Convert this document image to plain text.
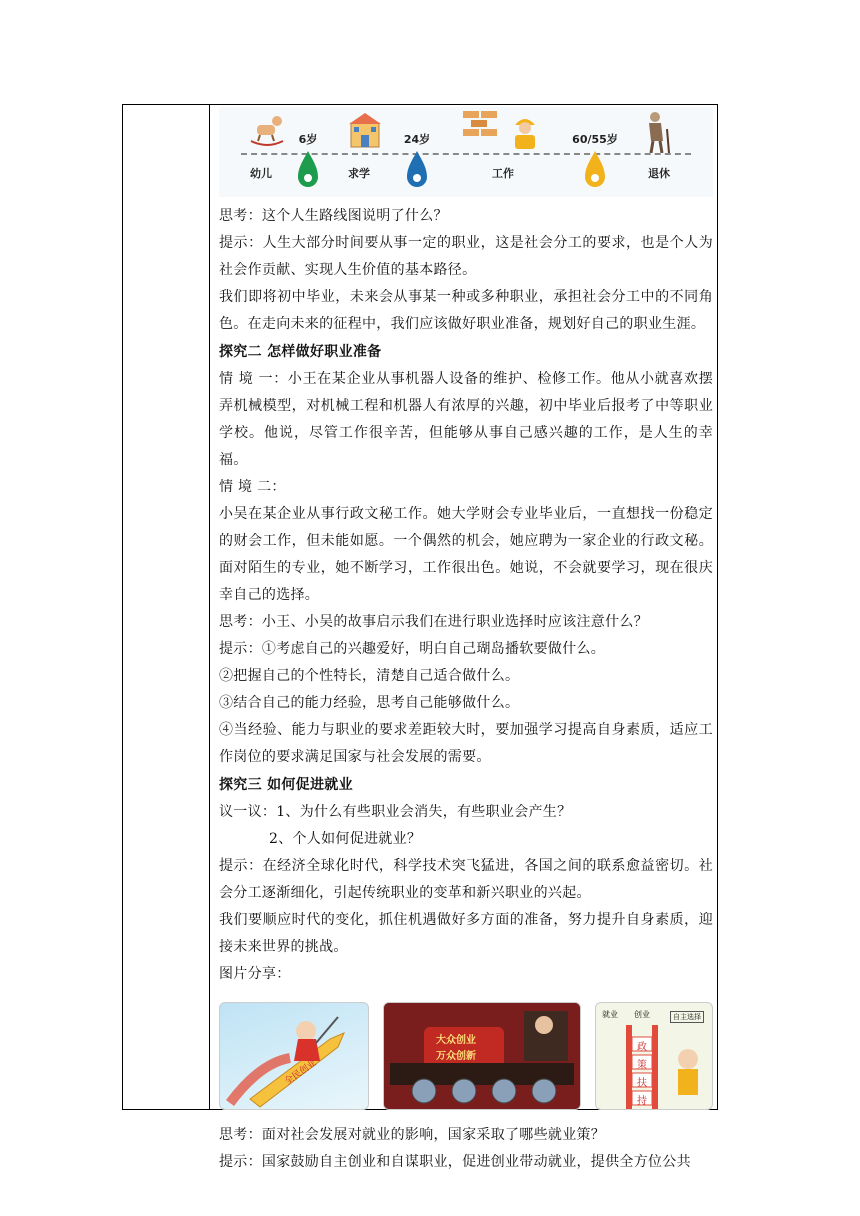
6岁	24岁	60/55岁
幼儿	求学	工作	退休

思考：这个人生路线图说明了什么？

提示：人生大部分时间要从事一定的职业，这是社会分工的要求，也是个人为社会作贡献、实现人生价值的基本路径。

我们即将初中毕业，未来会从事某一种或多种职业，承担社会分工中的不同角色。在走向未来的征程中，我们应该做好职业准备，规划好自己的职业生涯。

探究二 怎样做好职业准备

情 境 一：小王在某企业从事机器人设备的维护、检修工作。他从小就喜欢摆弄机械模型，对机械工程和机器人有浓厚的兴趣，初中毕业后报考了中等职业学校。他说，尽管工作很辛苦，但能够从事自己感兴趣的工作，是人生的幸福。

情 境 二：

小吴在某企业从事行政文秘工作。她大学财会专业毕业后，一直想找一份稳定的财会工作，但未能如愿。一个偶然的机会，她应聘为一家企业的行政文秘。面对陌生的专业，她不断学习，工作很出色。她说，不会就要学习，现在很庆幸自己的选择。

思考：小王、小吴的故事启示我们在进行职业选择时应该注意什么？

提示：①考虑自己的兴趣爱好，明白自己瑚岛播软要做什么。

②把握自己的个性特长，清楚自己适合做什么。

③结合自己的能力经验，思考自己能够做什么。

④当经验、能力与职业的要求差距较大时，要加强学习提高自身素质，适应工作岗位的要求满足国家与社会发展的需要。

探究三 如何促进就业

议一议：1、为什么有些职业会消失，有些职业会产生？

2、个人如何促进就业？

提示：在经济全球化时代，科学技术突飞猛进，各国之间的联系愈益密切。社会分工逐渐细化，引起传统职业的变革和新兴职业的兴起。

我们要顺应时代的变化，抓住机遇做好多方面的准备，努力提升自身素质，迎接未来世界的挑战。

图片分享：

全民创业
大众创业
万众创新
就业 创业	自主选择
政
策
扶
持

思考：面对社会发展对就业的影响，国家采取了哪些就业策？

提示：国家鼓励自主创业和自谋职业，促进创业带动就业，提供全方位公共
